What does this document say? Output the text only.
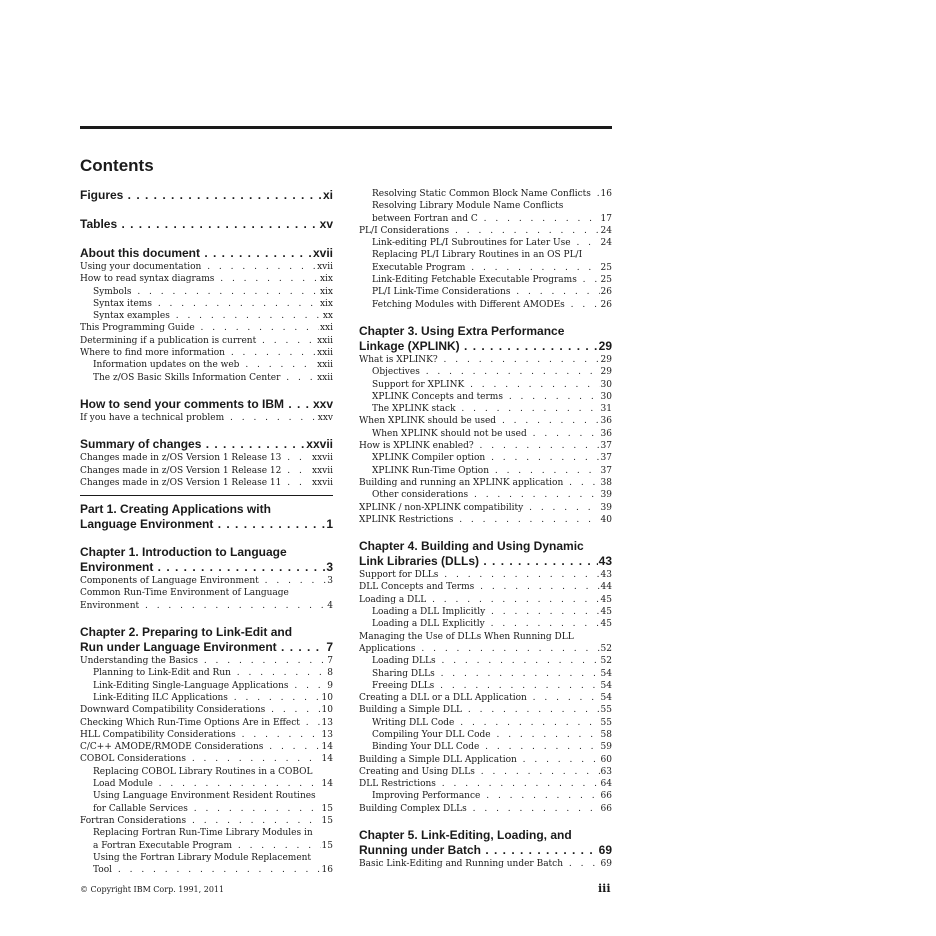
Contents
Figures . . .	xi
Tables . . .	xv
About this document . . .	xvii
Using your documentation . . .	xvii
How to read syntax diagrams . . .	xix
Symbols . . .	xix
Syntax items . . .	xix
Syntax examples . . .	xx
This Programming Guide . . .	xxi
Determining if a publication is current . . .	xxii
Where to find more information . . .	xxii
Information updates on the web . . .	xxii
The z/OS Basic Skills Information Center . . .	xxii
How to send your comments to IBM . . . xxv
If you have a technical problem . . .	xxv
Summary of changes . . .	xxvii
Changes made in z/OS Version 1 Release 13 . . .	xxvii
Changes made in z/OS Version 1 Release 12 . . .	xxvii
Changes made in z/OS Version 1 Release 11 . . .	xxvii
Part 1. Creating Applications with
Language Environment . . .	1
Chapter 1. Introduction to Language
Environment . . .	3
Components of Language Environment . . .	3
Common Run-Time Environment of Language
Environment . . .	4
Chapter 2. Preparing to Link-Edit and
Run under Language Environment . . .	7
Understanding the Basics . . .	7
Planning to Link-Edit and Run . . .	8
Link-Editing Single-Language Applications . . .	9
Link-Editing ILC Applications . . .	10
Downward Compatibility Considerations . . .	10
Checking Which Run-Time Options Are in Effect . . . 13
HLL Compatibility Considerations . . .	13
C/C++ AMODE/RMODE Considerations . . .	14
COBOL Considerations . . .	14
Replacing COBOL Library Routines in a COBOL
Load Module . . .	14
Using Language Environment Resident Routines
for Callable Services . . .	15
Fortran Considerations . . .	15
Replacing Fortran Run-Time Library Modules in
a Fortran Executable Program . . .	15
Using the Fortran Library Module Replacement
Tool . . .	16
Resolving Static Common Block Name Conflicts . . . 16
Resolving Library Module Name Conflicts
between Fortran and C . . .	17
PL/I Considerations . . .	24
Link-editing PL/I Subroutines for Later Use . . .	24
Replacing PL/I Library Routines in an OS PL/I
Executable Program . . .	25
Link-Editing Fetchable Executable Programs . . .	25
PL/I Link-Time Considerations . . .	26
Fetching Modules with Different AMODEs . . .	26
Chapter 3. Using Extra Performance
Linkage (XPLINK) . . .	29
What is XPLINK? . . .	29
Objectives . . .	29
Support for XPLINK . . .	30
XPLINK Concepts and terms . . .	30
The XPLINK stack . . .	31
When XPLINK should be used . . .	36
When XPLINK should not be used . . .	36
How is XPLINK enabled? . . .	37
XPLINK Compiler option . . .	37
XPLINK Run-Time Option . . .	37
Building and running an XPLINK application . . .	38
Other considerations . . .	39
XPLINK / non-XPLINK compatibility . . .	39
XPLINK Restrictions . . .	40
Chapter 4. Building and Using Dynamic
Link Libraries (DLLs) . . .	43
Support for DLLs . . .	43
DLL Concepts and Terms . . .	44
Loading a DLL . . .	45
Loading a DLL Implicitly . . .	45
Loading a DLL Explicitly . . .	45
Managing the Use of DLLs When Running DLL
Applications . . .	52
Loading DLLs . . .	52
Sharing DLLs . . .	54
Freeing DLLs . . .	54
Creating a DLL or a DLL Application . . .	54
Building a Simple DLL . . .	55
Writing DLL Code . . .	55
Compiling Your DLL Code . . .	58
Binding Your DLL Code . . .	59
Building a Simple DLL Application . . .	60
Creating and Using DLLs . . .	63
DLL Restrictions . . .	64
Improving Performance . . .	66
Building Complex DLLs . . .	66
Chapter 5. Link-Editing, Loading, and
Running under Batch . . .	69
Basic Link-Editing and Running under Batch . . .	69
© Copyright IBM Corp. 1991, 2011	iii
